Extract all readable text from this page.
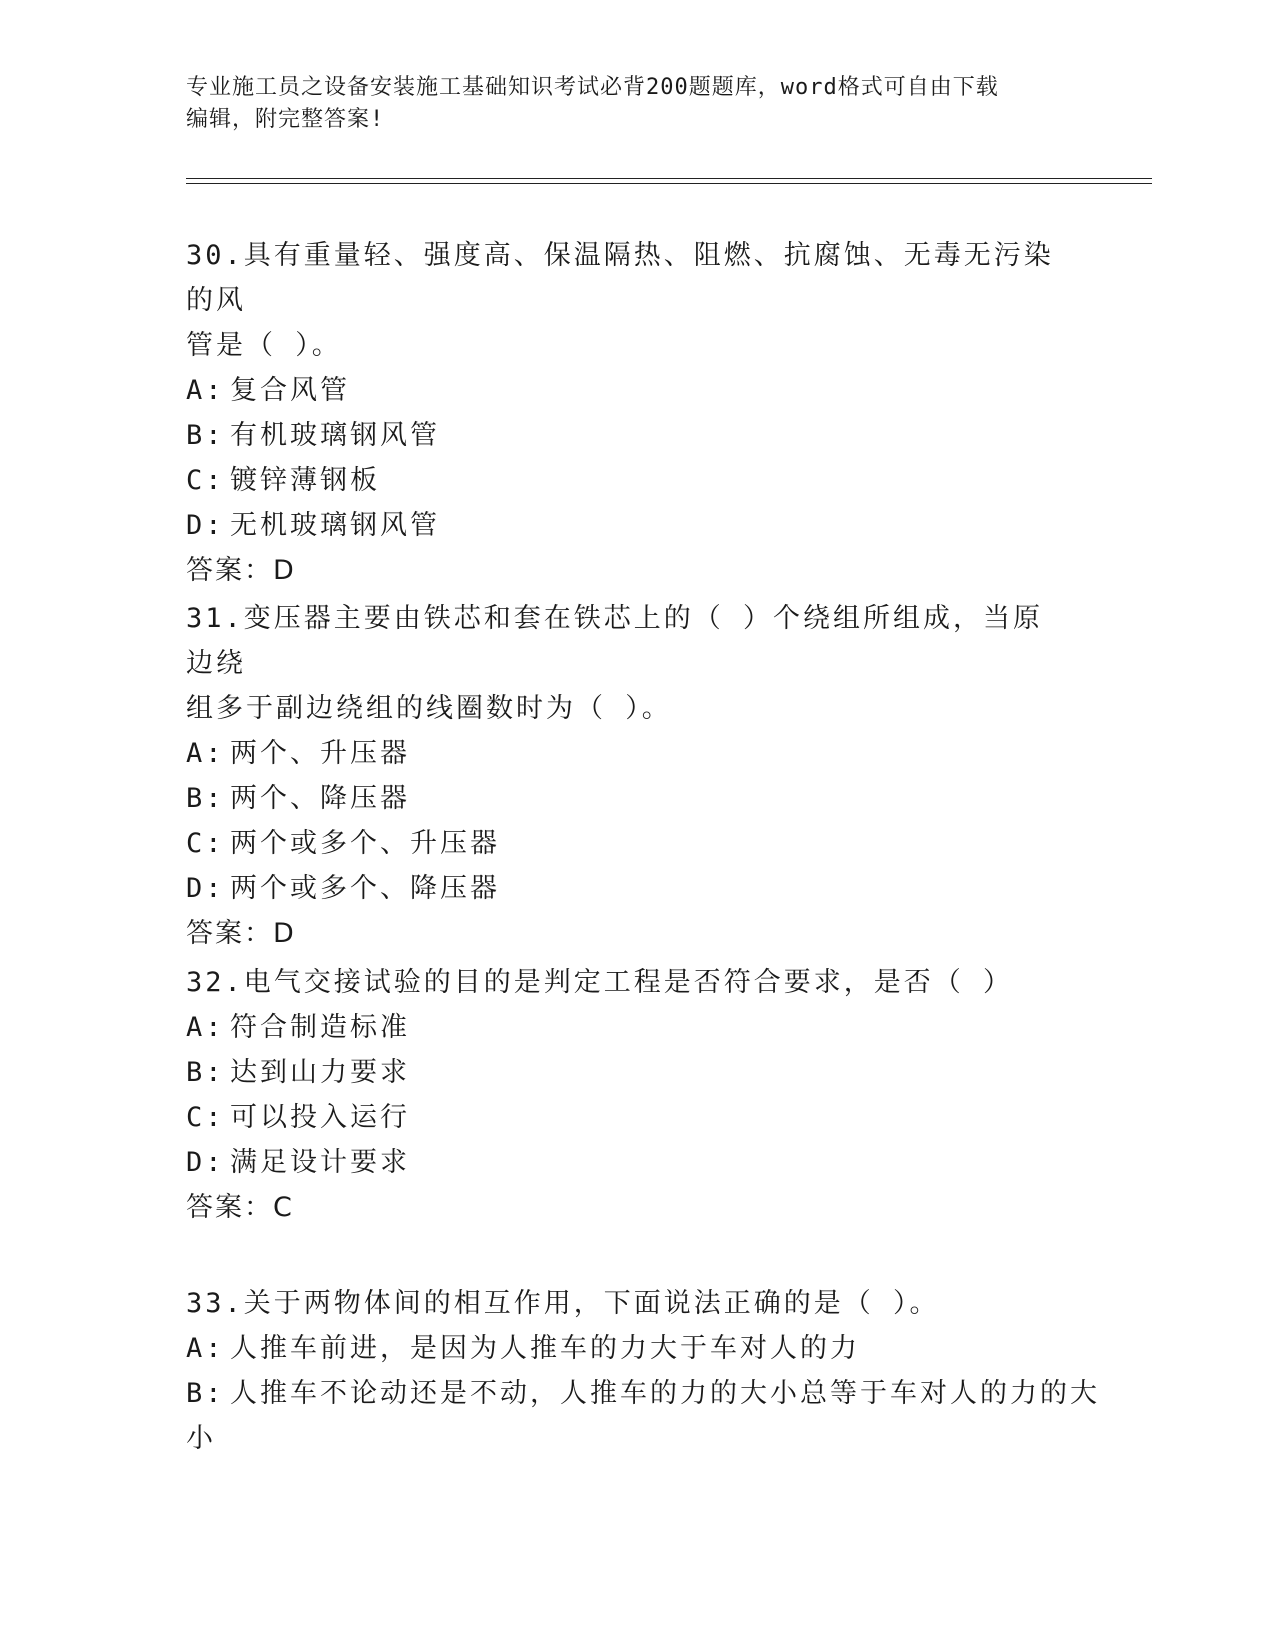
专业施工员之设备安装施工基础知识考试必背200题题库，word格式可自由下载
编辑，附完整答案!

30.具有重量轻、强度高、保温隔热、阻燃、抗腐蚀、无毒无污染的风

管是（ ）。

A: 复合风管

B: 有机玻璃钢风管

C: 镀锌薄钢板

D: 无机玻璃钢风管

答案：D

31.变压器主要由铁芯和套在铁芯上的（ ）个绕组所组成，当原边绕

组多于副边绕组的线圈数时为（ ）。

A: 两个、升压器

B: 两个、降压器

C: 两个或多个、升压器

D: 两个或多个、降压器

答案：D

32.电气交接试验的目的是判定工程是否符合要求，是否（ ）

A: 符合制造标准

B: 达到山力要求

C: 可以投入运行

D: 满足设计要求

答案：C

33.关于两物体间的相互作用，下面说法正确的是（ ）。

A: 人推车前进，是因为人推车的力大于车对人的力

B: 人推车不论动还是不动，人推车的力的大小总等于车对人的力的大

小
